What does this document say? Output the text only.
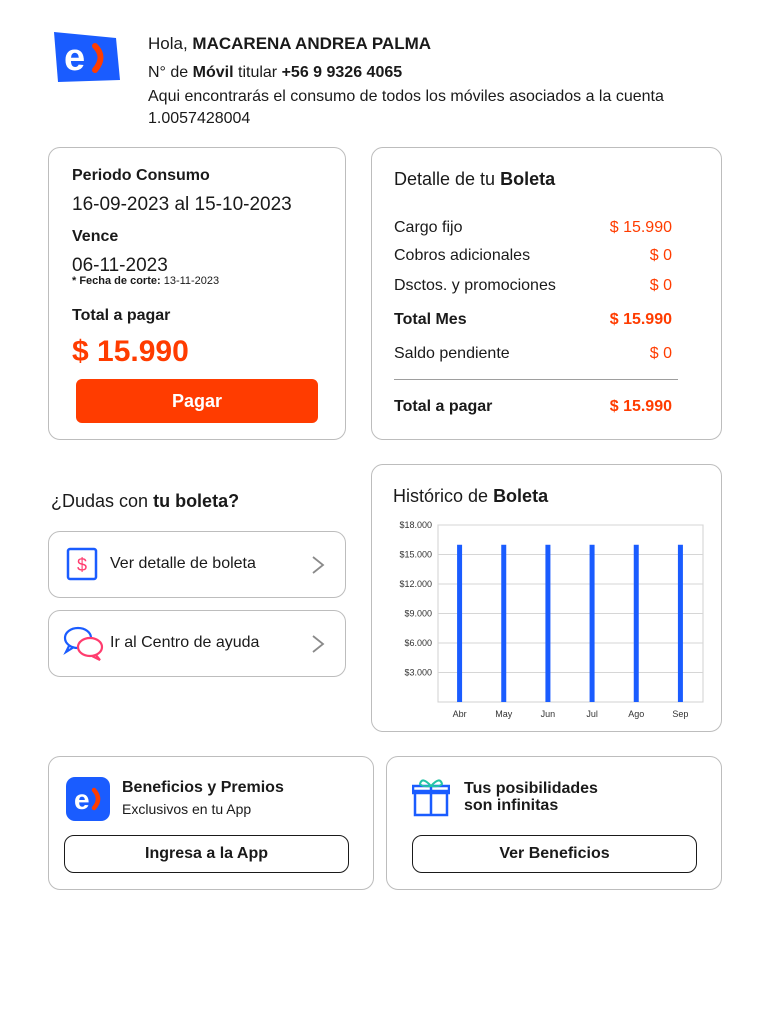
e	Hola, MACARENA ANDREA PALMA
N° de Móvil titular +56 9 9326 4065
Aqui encontrarás el consumo de todos los móviles asociados a la cuenta 1.0057428004
Periodo Consumo
16-09-2023 al 15-10-2023
Vence
06-11-2023
* Fecha de corte: 13-11-2023
Total a pagar
$ 15.990
Pagar
Detalle de tu Boleta
Cargo fijo	$ 15.990
Cobros adicionales	$ 0
Dsctos. y promociones	$ 0
Total Mes	$ 15.990
Saldo pendiente	$ 0
Total a pagar	$ 15.990
¿Dudas con tu boleta?
$ Ver detalle de boleta
Ir al Centro de ayuda
Histórico de Boleta
$3.000
$6.000
$9.000
$12.000
$15.000
$18.000
Abr	May	Jun	Jul	Ago	Sep
e Beneficios y Premios
Exclusivos en tu App
Ingresa a la App
Tus posibilidades
son infinitas
Ver Beneficios
